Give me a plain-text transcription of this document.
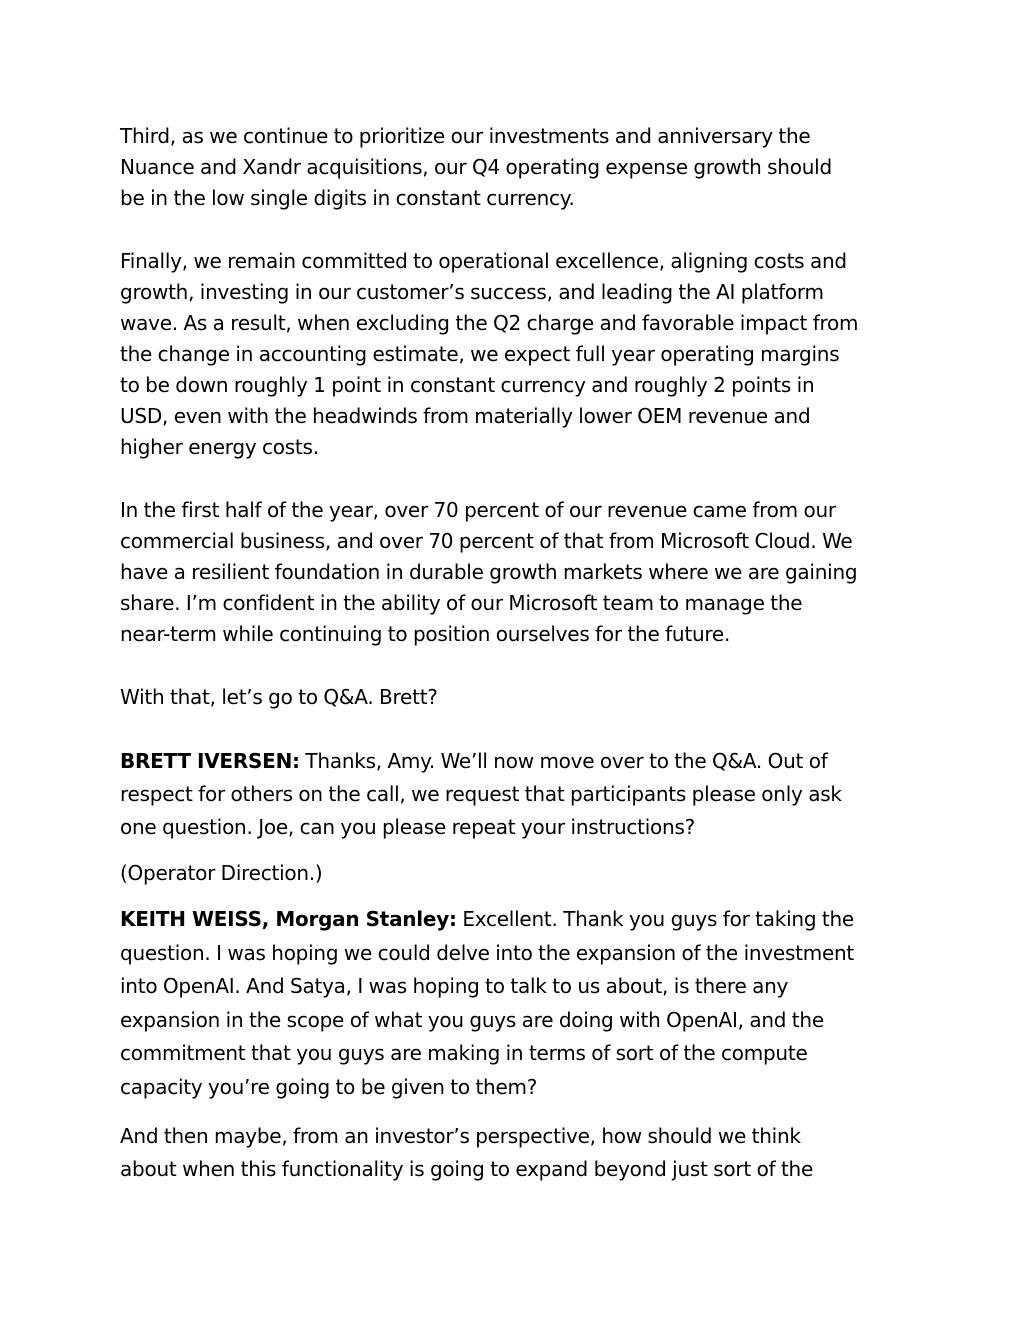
Third, as we continue to prioritize our investments and anniversary the
Nuance and Xandr acquisitions, our Q4 operating expense growth should
be in the low single digits in constant currency.

Finally, we remain committed to operational excellence, aligning costs and
growth, investing in our customer’s success, and leading the AI platform
wave. As a result, when excluding the Q2 charge and favorable impact from
the change in accounting estimate, we expect full year operating margins
to be down roughly 1 point in constant currency and roughly 2 points in
USD, even with the headwinds from materially lower OEM revenue and
higher energy costs.

In the first half of the year, over 70 percent of our revenue came from our
commercial business, and over 70 percent of that from Microsoft Cloud. We
have a resilient foundation in durable growth markets where we are gaining
share. I’m confident in the ability of our Microsoft team to manage the
near-term while continuing to position ourselves for the future.

With that, let’s go to Q&A. Brett?

BRETT IVERSEN: Thanks, Amy. We’ll now move over to the Q&A. Out of
respect for others on the call, we request that participants please only ask
one question. Joe, can you please repeat your instructions?

(Operator Direction.)

KEITH WEISS, Morgan Stanley: Excellent. Thank you guys for taking the
question. I was hoping we could delve into the expansion of the investment
into OpenAI. And Satya, I was hoping to talk to us about, is there any
expansion in the scope of what you guys are doing with OpenAI, and the
commitment that you guys are making in terms of sort of the compute
capacity you’re going to be given to them?

And then maybe, from an investor’s perspective, how should we think
about when this functionality is going to expand beyond just sort of the
